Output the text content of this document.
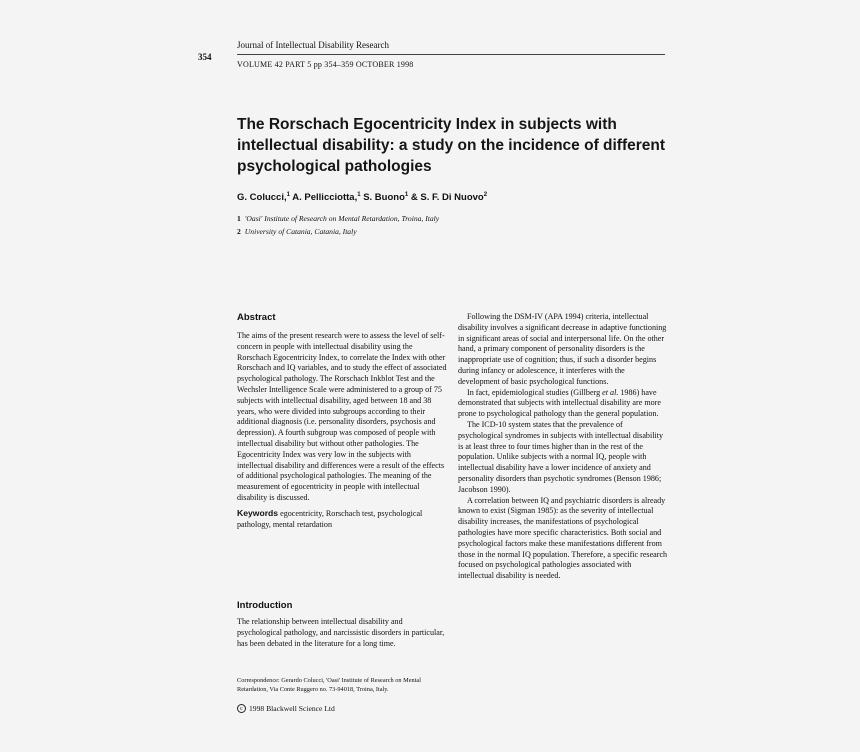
354
Journal of Intellectual Disability Research
VOLUME 42 PART 5 pp 354–359 OCTOBER 1998
The Rorschach Egocentricity Index in subjects with intellectual disability: a study on the incidence of different psychological pathologies
G. Colucci,$^1$ A. Pellicciotta,$^1$ S. Buono$^1$ & S. F. Di Nuovo$^2$
1 'Oasi' Institute of Research on Mental Retardation, Troina, Italy
2 University of Catania, Catania, Italy
Abstract

The aims of the present research were to assess the level of self-concern in people with intellectual disability using the Rorschach Egocentricity Index, to correlate the Index with other Rorschach and IQ variables, and to study the effect of associated psychological pathology. The Rorschach Inkblot Test and the Wechsler Intelligence Scale were administered to a group of 75 subjects with intellectual disability, aged between 18 and 38 years, who were divided into subgroups according to their additional diagnosis (i.e. personality disorders, psychosis and depression). A fourth subgroup was composed of people with intellectual disability but without other pathologies. The Egocentricity Index was very low in the subjects with intellectual disability and differences were a result of the effects of additional psychological pathologies. The meaning of the measurement of egocentricity in people with intellectual disability is discussed.

Keywords egocentricity, Rorschach test, psychological pathology, mental retardation

Introduction

The relationship between intellectual disability and psychological pathology, and narcissistic disorders in particular, has been debated in the literature for a long time.

Correspondence: Gerardo Colucci, 'Oasi' Institute of Research on Mental Retardation, Via Conte Ruggero no. 73-94018, Troina, Italy.
c 1998 Blackwell Science Ltd

Following the DSM-IV (APA 1994) criteria, intellectual disability involves a significant decrease in adaptive functioning in significant areas of social and interpersonal life. On the other hand, a primary component of personality disorders is the inappropriate use of cognition; thus, if such a disorder begins during infancy or adolescence, it interferes with the development of basic psychological functions.

In fact, epidemiological studies (Gillberg et al. 1986) have demonstrated that subjects with intellectual disability are more prone to psychological pathology than the general population.

The ICD-10 system states that the prevalence of psychological syndromes in subjects with intellectual disability is at least three to four times higher than in the rest of the population. Unlike subjects with a normal IQ, people with intellectual disability have a lower incidence of anxiety and personality disorders than psychotic syndromes (Benson 1986; Jacobson 1990).

A correlation between IQ and psychiatric disorders is already known to exist (Sigman 1985): as the severity of intellectual disability increases, the manifestations of psychological pathologies have more specific characteristics. Both social and psychological factors make these manifestations different from those in the normal IQ population. Therefore, a specific research focused on psychological pathologies associated with intellectual disability is needed.
